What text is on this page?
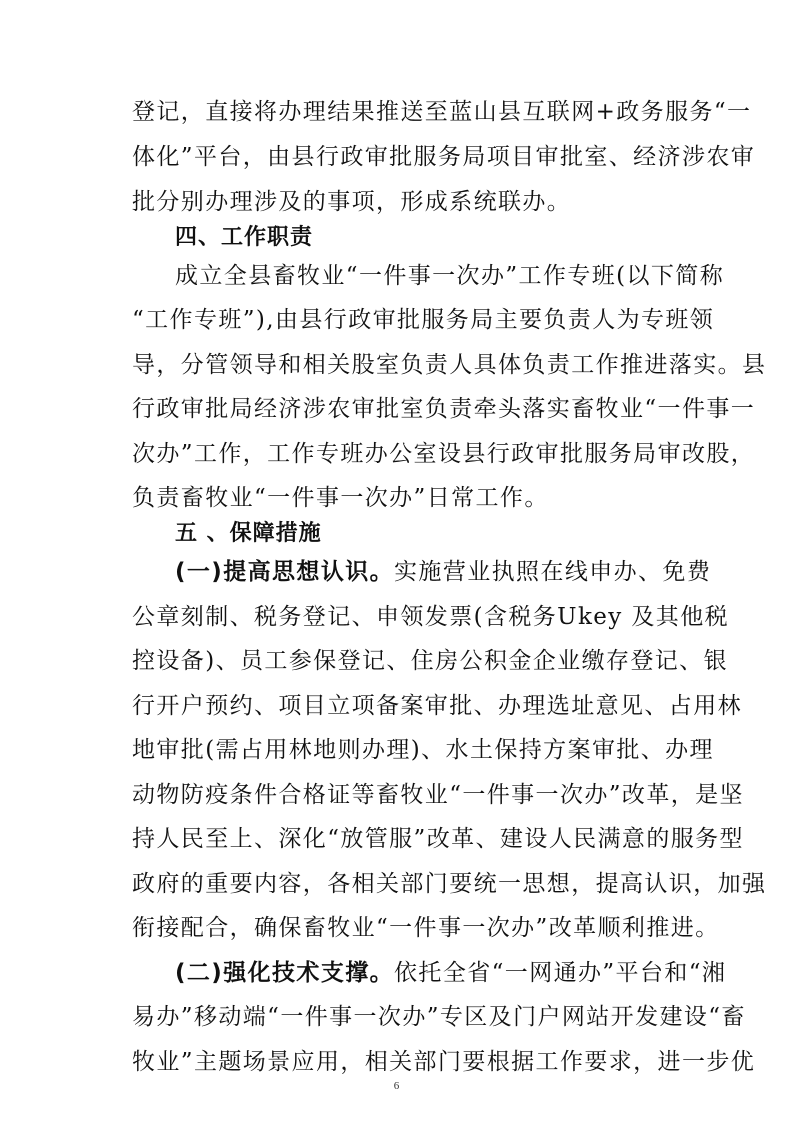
登记，直接将办理结果推送至蓝山县互联网+政务服务“一
体化”平台，由县行政审批服务局项目审批室、经济涉农审
批分别办理涉及的事项，形成系统联办。
四、工作职责
成立全县畜牧业“一件事一次办”工作专班(以下简称
“工作专班”),由县行政审批服务局主要负责人为专班领
导，分管领导和相关股室负责人具体负责工作推进落实。县
行政审批局经济涉农审批室负责牵头落实畜牧业“一件事一
次办”工作，工作专班办公室设县行政审批服务局审改股，
负责畜牧业“一件事一次办”日常工作。
五 、保障措施
(一)提高思想认识。实施营业执照在线申办、免费
公章刻制、税务登记、申领发票(含税务Ukey 及其他税
控设备)、员工参保登记、住房公积金企业缴存登记、银
行开户预约、项目立项备案审批、办理选址意见、占用林
地审批(需占用林地则办理)、水土保持方案审批、办理
动物防疫条件合格证等畜牧业“一件事一次办”改革，是坚
持人民至上、深化“放管服”改革、建设人民满意的服务型
政府的重要内容，各相关部门要统一思想，提高认识，加强
衔接配合，确保畜牧业“一件事一次办”改革顺利推进。
(二)强化技术支撑。依托全省“一网通办”平台和“湘
易办”移动端“一件事一次办”专区及门户网站开发建设“畜
牧业”主题场景应用，相关部门要根据工作要求，进一步优
6
